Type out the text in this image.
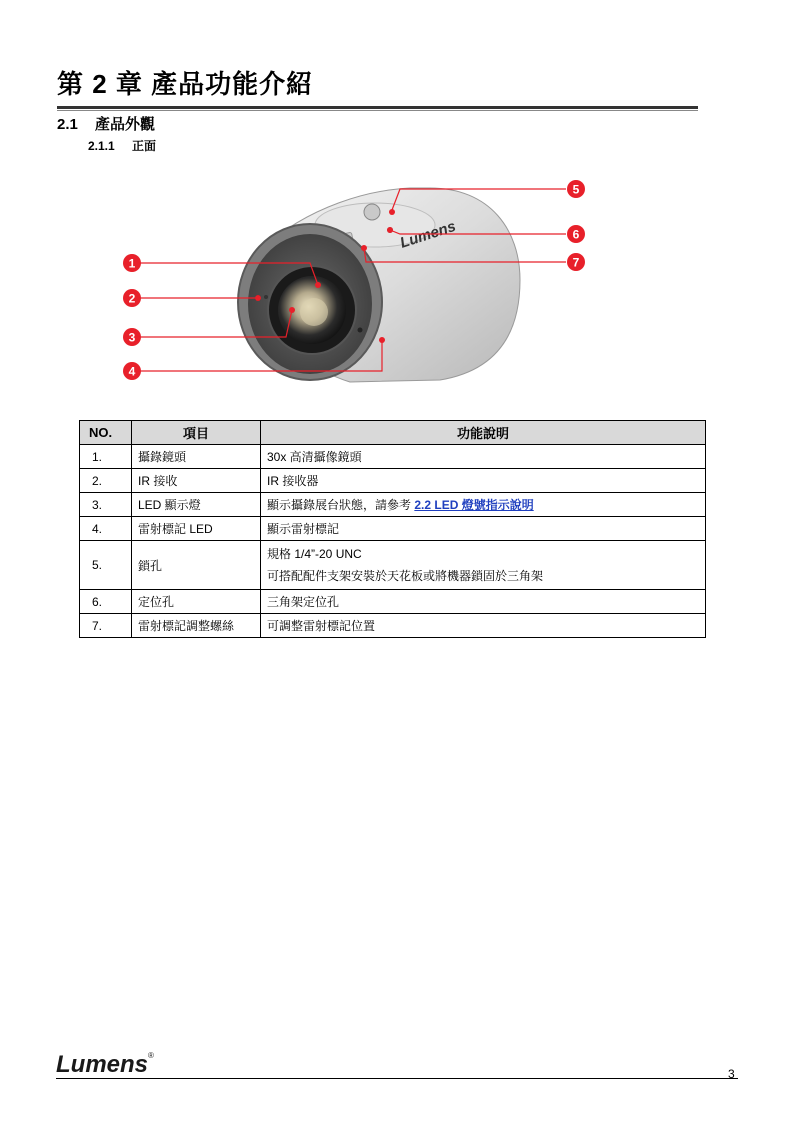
第 2 章 產品功能介紹
2.1 產品外觀
2.1.1 正面
Lumens
1
2
3
4
5
6
7
NO.	項目	功能說明
1.	攝錄鏡頭	30x 高清攝像鏡頭
2.	IR 接收	IR 接收器
3.	LED 顯示燈	顯示攝錄展台狀態，請參考 2.2 LED 燈號指示說明
4.	雷射標記 LED	顯示雷射標記
5.	鎖孔	規格 1/4”-20 UNC
可搭配配件支架安裝於天花板或將機器鎖固於三角架

6.	定位孔	三角架定位孔
7.	雷射標記調整螺絲	可調整雷射標記位置
Lumens®
3
